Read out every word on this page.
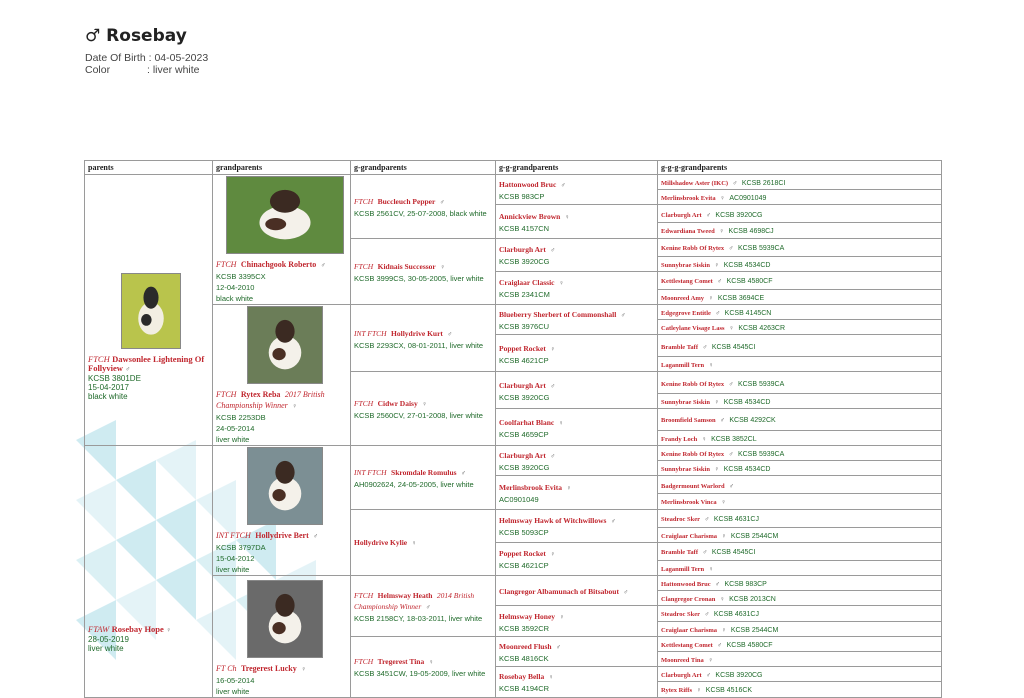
♂ Rosebay
Date Of Birth : 04-05-2023
Color	: liver white
parents	grandparents	g-grandparents	g-g-grandparents	g-g-g-grandparents

FTCH Dawsonlee Lightening Of Follyview ♂
KCSB 3801DE
15-04-2017
black white	FTCH Chinachgook Roberto ♂
KCSB 3395CX
12-04-2010
black white	FTCH Buccleuch Pepper ♂
KCSB 2561CV, 25-07-2008, black white	Hattonwood Bruc ♂
KCSB 983CP	Millshadow Aster (IKC) ♂ KCSB 2618CI

				Merlinsbrook Evita ♀ AC0901049

			Annickview Brown ♀
KCSB 4157CN	Clarburgh Art ♂ KCSB 3920CG

				Edwardiana Tweed ♀ KCSB 4698CJ

		FTCH Kidnais Successor ♀
KCSB 3999CS, 30-05-2005, liver white	Clarburgh Art ♂
KCSB 3920CG	Kenine Robb Of Rytex ♂ KCSB 5939CA

				Sunnybrae Siskin ♀ KCSB 4534CD

			Craiglaar Classic ♀
KCSB 2341CM	Kettlestang Comet ♂ KCSB 4580CF

				Moonreed Amy ♀ KCSB 3694CE

	FTCH Rytex Reba 2017 British Championship Winner ♀
KCSB 2253DB
24-05-2014
liver white	INT FTCH Hollydrive Kurt ♂
KCSB 2293CX, 08-01-2011, liver white	Blueberry Sherbert of Commonshall ♂
KCSB 3976CU	Edgegrove Entitle ♂ KCSB 4145CN

				Catleylane Visage Lass ♀ KCSB 4263CR

			Poppet Rocket ♀
KCSB 4621CP	Bramble Taff ♂ KCSB 4545CI

				Laganmill Tern ♀

		FTCH Cidwr Daisy ♀
KCSB 2560CV, 27-01-2008, liver white	Clarburgh Art ♂
KCSB 3920CG	Kenine Robb Of Rytex ♂ KCSB 5939CA

				Sunnybrae Siskin ♀ KCSB 4534CD

			Coolfarhat Blanc ♀
KCSB 4659CP	Broomfield Samson ♂ KCSB 4292CK

				Frandy Loch ♀ KCSB 3852CL

FTAW Rosebay Hope ♀
28-05-2019
liver white	INT FTCH Hollydrive Bert ♂
KCSB 3797DA
15-04-2012
liver white	INT FTCH Skromdale Romulus ♂
AH0902624, 24-05-2005, liver white	Clarburgh Art ♂
KCSB 3920CG	Kenine Robb Of Rytex ♂ KCSB 5939CA

				Sunnybrae Siskin ♀ KCSB 4534CD

			Merlinsbrook Evita ♀
AC0901049	Badgermount Warlord ♂

				Merlinsbrook Vinca ♀

		Hollydrive Kylie ♀	Helmsway Hawk of Witchwillows ♂
KCSB 5093CP	Steadroc Sker ♂ KCSB 4631CJ

				Craiglaar Charisma ♀ KCSB 2544CM

			Poppet Rocket ♀
KCSB 4621CP	Bramble Taff ♂ KCSB 4545CI

				Laganmill Tern ♀

	FT Ch Tregerest Lucky ♀
16-05-2014
liver white	FTCH Helmsway Heath 2014 British Championship Winner ♂
KCSB 2158CY, 18-03-2011, liver white	Clangregor Albamunach of Bitsabout ♂	Hattonwood Bruc ♂ KCSB 983CP

				Clangregor Cronan ♀ KCSB 2013CN

			Helmsway Honey ♀
KCSB 3592CR	Steadroc Sker ♂ KCSB 4631CJ

				Craiglaar Charisma ♀ KCSB 2544CM

		FTCH Tregerest Tina ♀
KCSB 3451CW, 19-05-2009, liver white	Moonreed Flush ♂
KCSB 4816CK	Kettlestang Comet ♂ KCSB 4580CF

				Moonreed Tina ♀

			Rosebay Bella ♀
KCSB 4194CR	Clarburgh Art ♂ KCSB 3920CG

				Rytex Riffs ♀ KCSB 4516CK
